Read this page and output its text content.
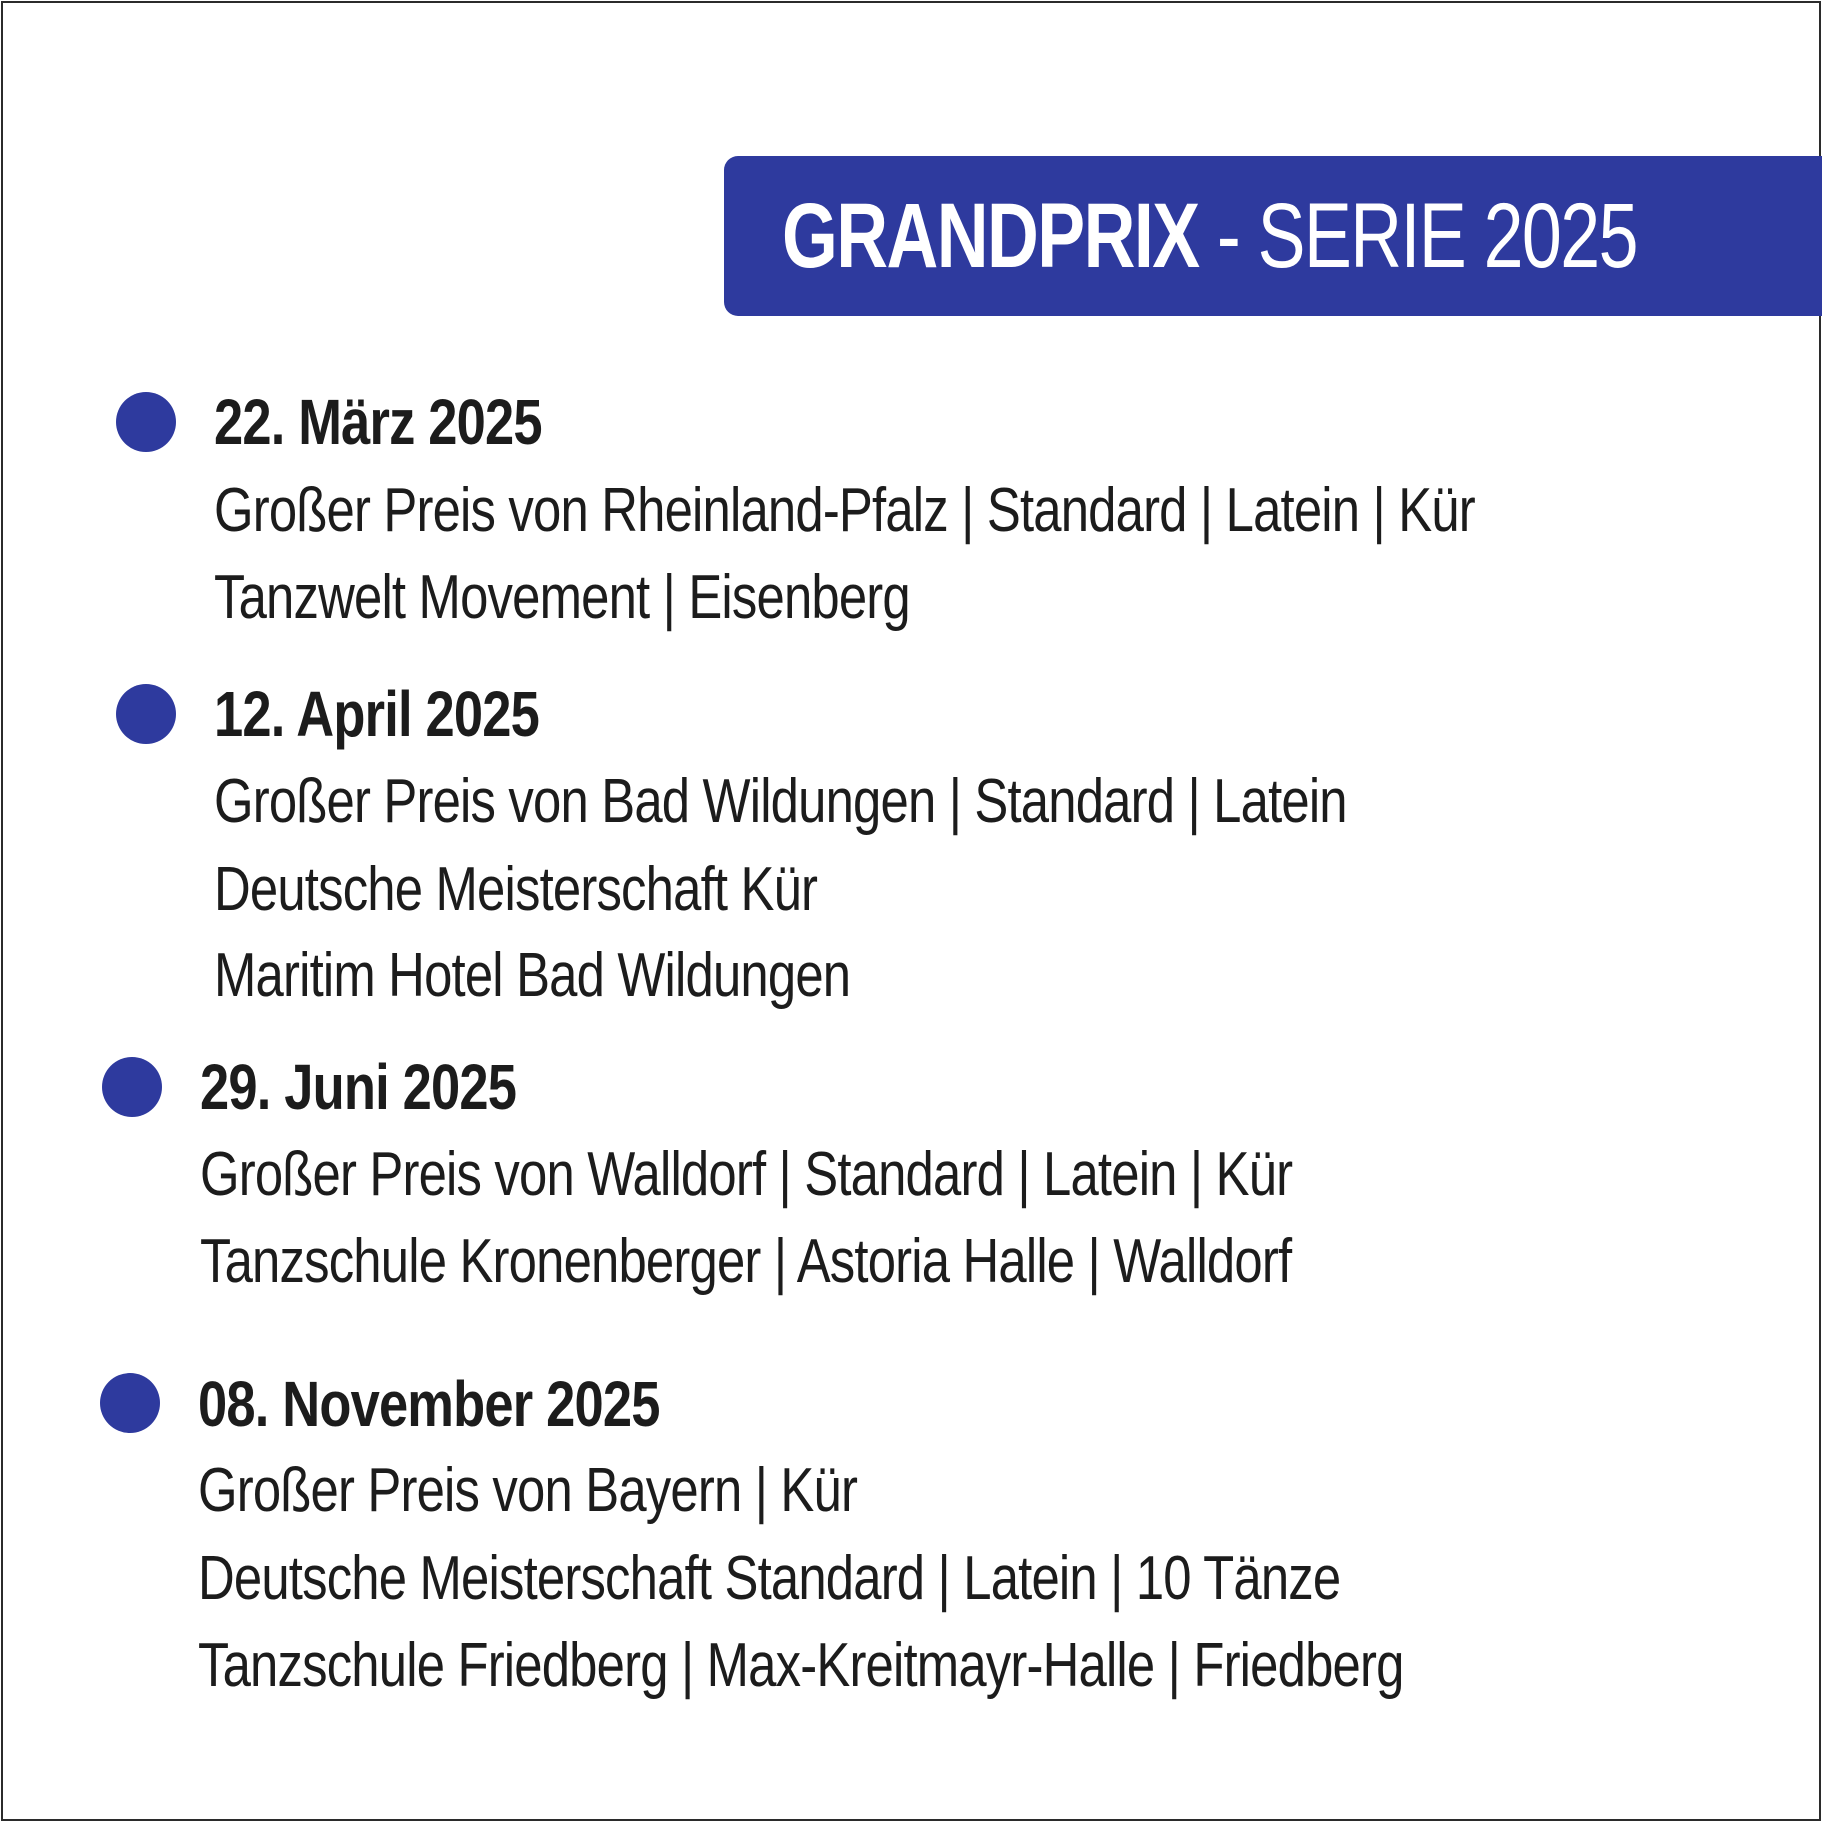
GRANDPRIX - SERIE 2025

22. März 2025

Großer Preis von Rheinland-Pfalz | Standard | Latein | Kür

Tanzwelt Movement | Eisenberg

12. April 2025

Großer Preis von Bad Wildungen | Standard | Latein

Deutsche Meisterschaft Kür

Maritim Hotel Bad Wildungen

29. Juni 2025

Großer Preis von Walldorf | Standard | Latein | Kür

Tanzschule Kronenberger | Astoria Halle | Walldorf

08. November 2025

Großer Preis von Bayern | Kür

Deutsche Meisterschaft Standard | Latein | 10 Tänze

Tanzschule Friedberg | Max-Kreitmayr-Halle | Friedberg
